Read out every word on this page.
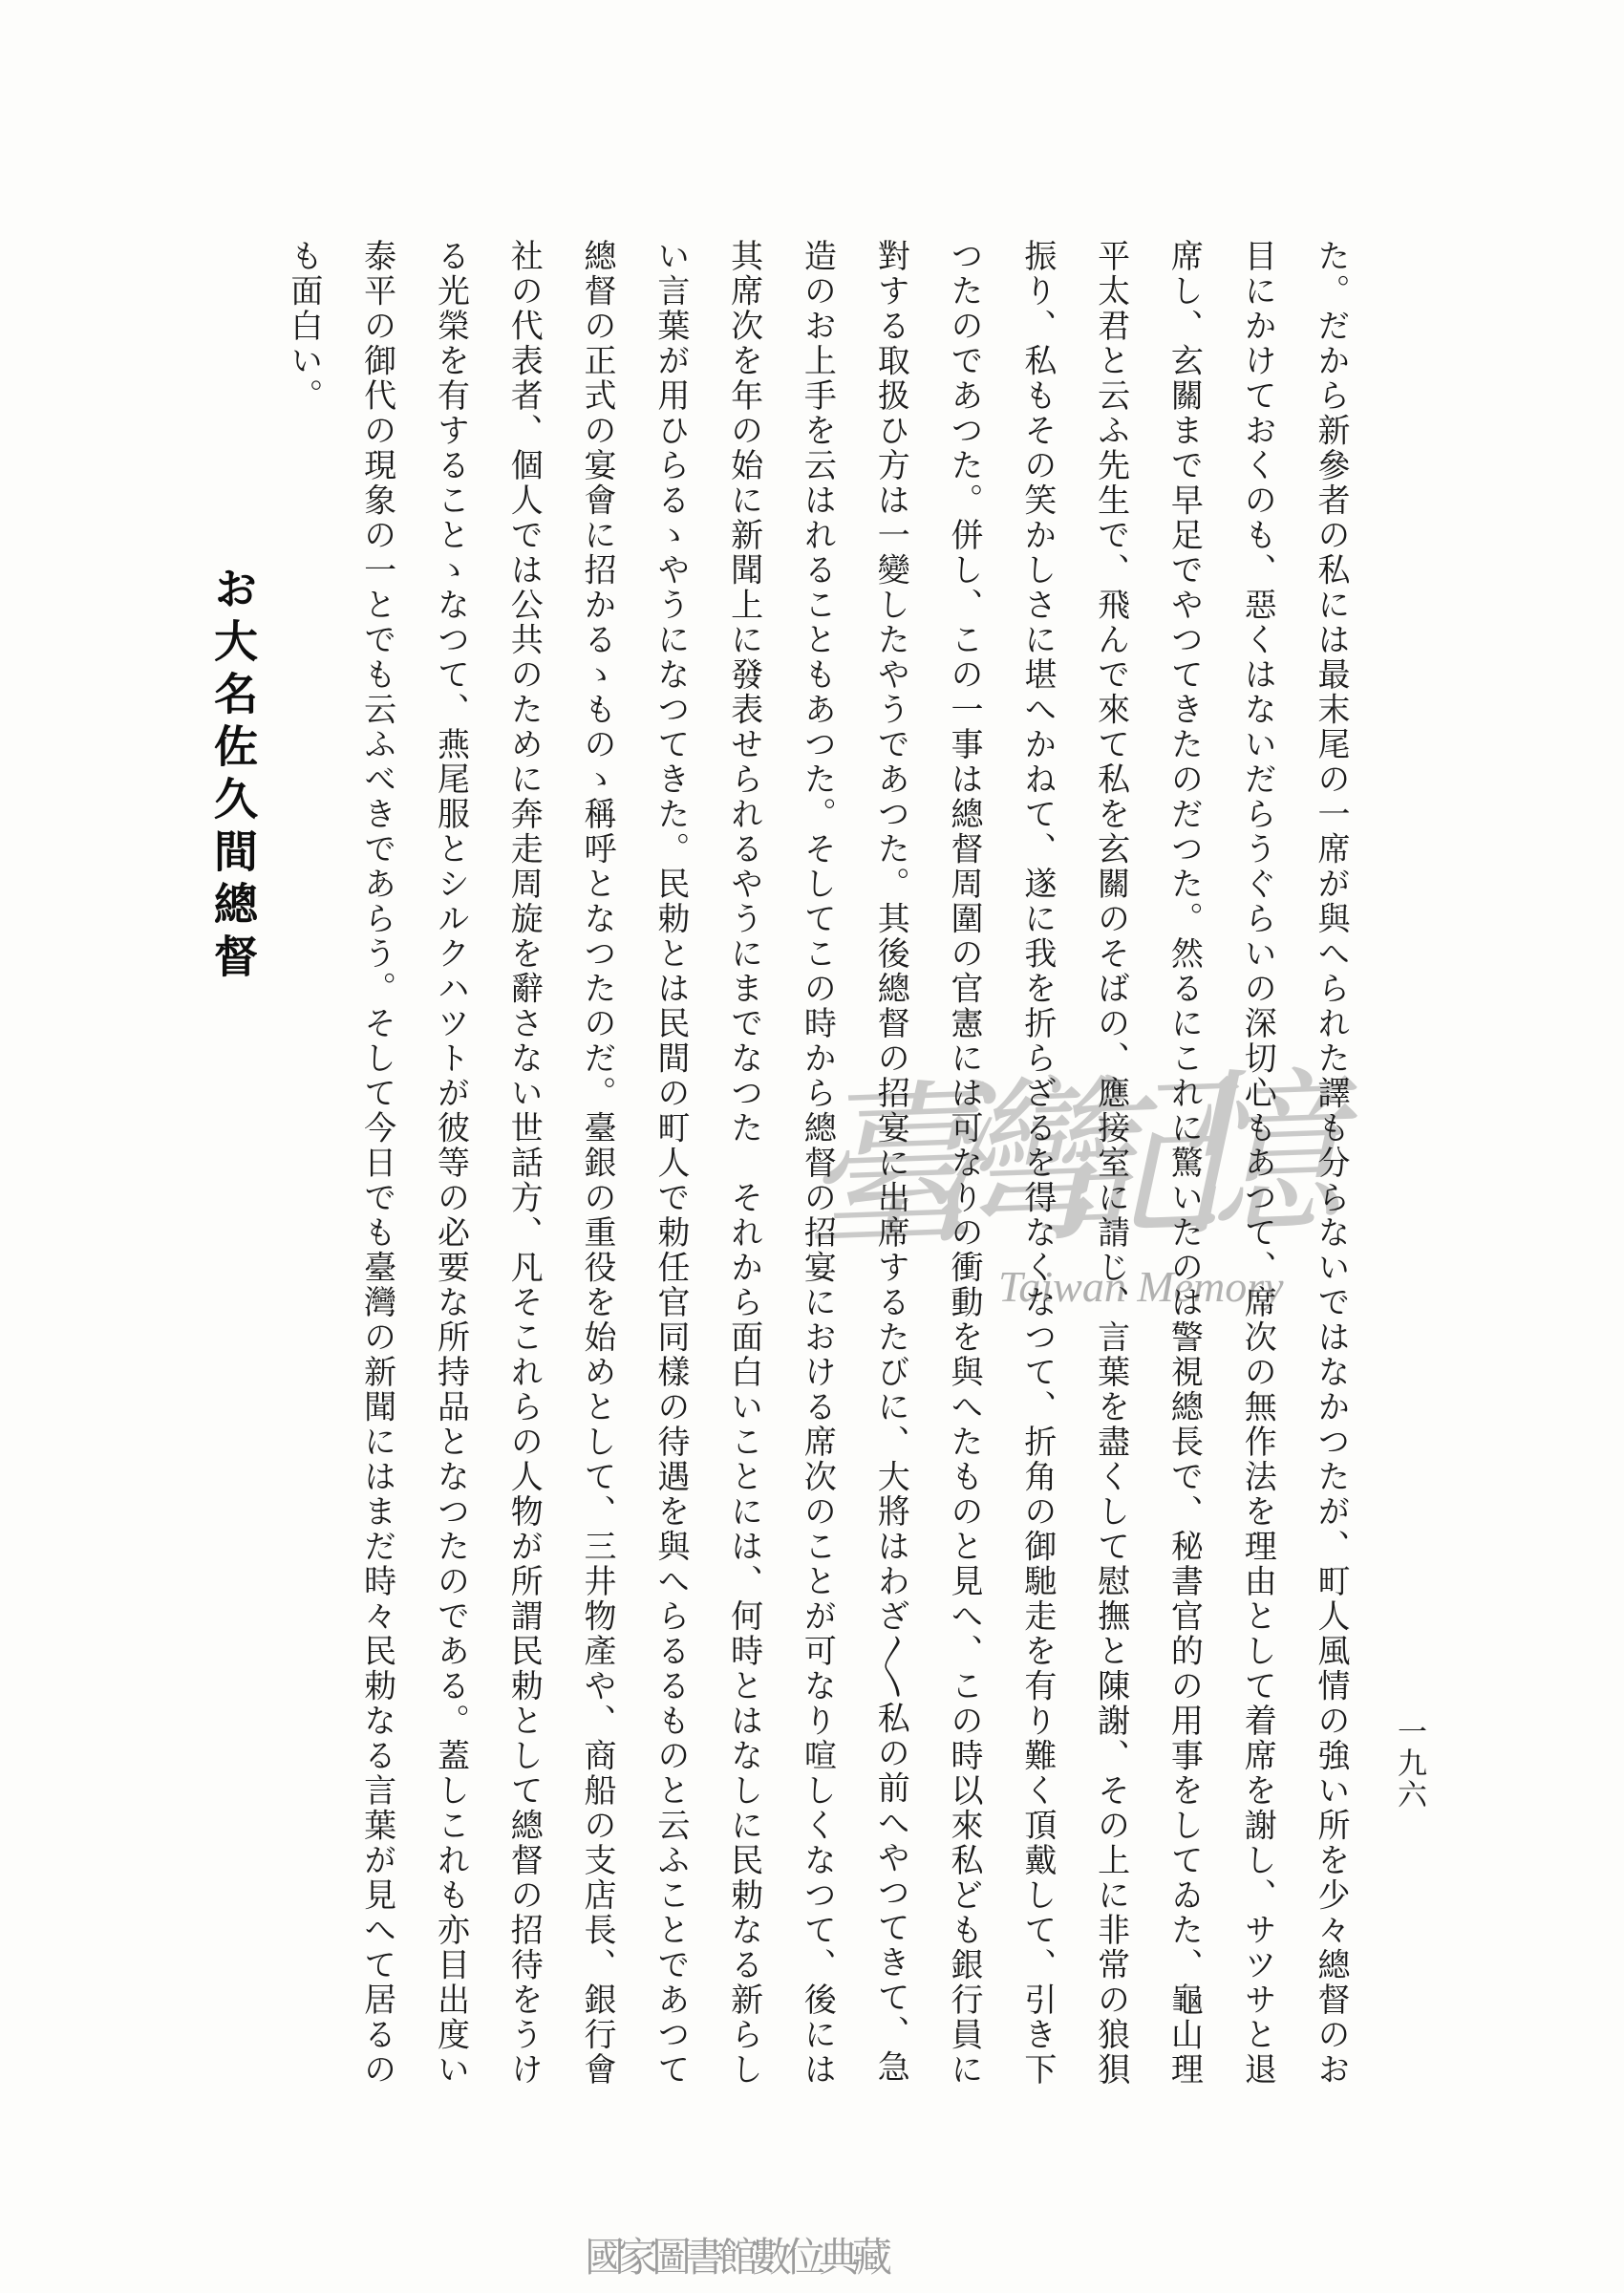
臺灣記憶
Taiwan Memory た。だから新參者の私には最末尾の一席が與へられた譯も分らないではなかつたが、町人風情の強い所を少々總督のお

目にかけておくのも、惡くはないだらうぐらいの深切心もあつて、席次の無作法を理由として着席を謝し、サツサと退

席し、玄關まで早足でやつてきたのだつた。然るにこれに驚いたのは警視總長で、秘書官的の用事をしてゐた、龜山理

平太君と云ふ先生で、飛んで來て私を玄關のそばの、應接室に請じ、言葉を盡くして慰撫と陳謝、その上に非常の狼狽

振り、私もその笑かしさに堪へかねて、遂に我を折らざるを得なくなつて、折角の御馳走を有り難く頂戴して、引き下

つたのであつた。併し、この一事は總督周圍の官憲には可なりの衝動を與へたものと見へ、この時以來私ども銀行員に

對する取扱ひ方は一變したやうであつた。其後總督の招宴に出席するたびに、大將はわざ〳〵私の前へやつてきて、急

造のお上手を云はれることもあつた。そしてこの時から總督の招宴における席次のことが可なり喧しくなつて、後には

其席次を年の始に新聞上に發表せられるやうにまでなつた　それから面白いことには、何時とはなしに民勅なる新らし

い言葉が用ひらるゝやうになつてきた。民勅とは民間の町人で勅任官同樣の待遇を與へらるるものと云ふことであつて

總督の正式の宴會に招かるゝものゝ稱呼となつたのだ。臺銀の重役を始めとして、三井物產や、商船の支店長、銀行會

社の代表者、個人では公共のために奔走周旋を辭さない世話方、凡そこれらの人物が所謂民勅として總督の招待をうけ

る光榮を有することゝなつて、燕尾服とシルクハツトが彼等の必要な所持品となつたのである。蓋しこれも亦目出度い

泰平の御代の現象の一とでも云ふべきであらう。そして今日でも臺灣の新聞にはまだ時々民勅なる言葉が見へて居るの

も面白い。

お大名佐久間總督
一九六
國家圖書館數位典藏
